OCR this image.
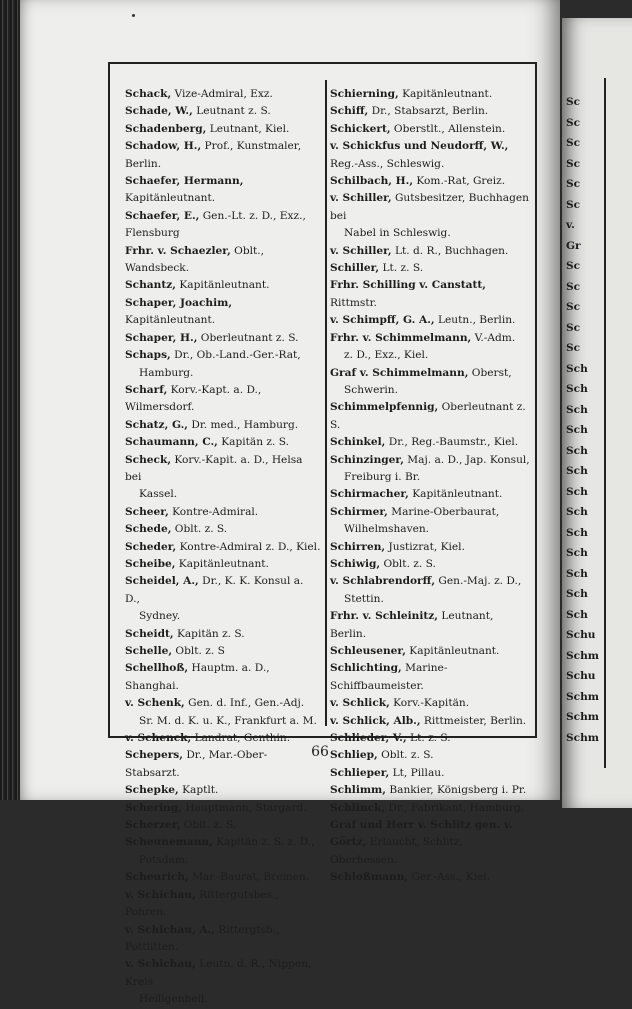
Sc
Sc
Sc
Sc
Sc
Sc
v.
Gr
Sc
Sc
Sc
Sc
Sc
Sch
Sch
Sch
Sch
Sch
Sch
Sch
Sch
Sch
Sch
Sch
Sch
Sch
Schu
Schm
Schu
Schm
Schm
Schm
Schack, Vize-Admiral, Exz.
Schade, W., Leutnant z. S.
Schadenberg, Leutnant, Kiel.
Schadow, H., Prof., Kunstmaler, Berlin.
Schaefer, Hermann, Kapitänleutnant.
Schaefer, E., Gen.-Lt. z. D., Exz., Flensburg
Frhr. v. Schaezler, Oblt., Wandsbeck.
Schantz, Kapitänleutnant.
Schaper, Joachim, Kapitänleutnant.
Schaper, H., Oberleutnant z. S.
Schaps, Dr., Ob.-Land.-Ger.-Rat,
Hamburg.
Scharf, Korv.-Kapt. a. D., Wilmersdorf.
Schatz, G., Dr. med., Hamburg.
Schaumann, C., Kapitän z. S.
Scheck, Korv.-Kapit. a. D., Helsa bei
Kassel.
Scheer, Kontre-Admiral.
Schede, Oblt. z. S.
Scheder, Kontre-Admiral z. D., Kiel.
Scheibe, Kapitänleutnant.
Scheidel, A., Dr., K. K. Konsul a. D.,
Sydney.
Scheidt, Kapitän z. S.
Schelle, Oblt. z. S
Schellhoß, Hauptm. a. D., Shanghai.
v. Schenk, Gen. d. Inf., Gen.-Adj.
Sr. M. d. K. u. K., Frankfurt a. M.
v. Schenck, Landrat, Genthin.
Schepers, Dr., Mar.-Ober-Stabsarzt.
Schepke, Kaptlt.
Schering, Hauptmann, Stargard.
Scherzer, Oblt. z. S.
Scheunemann, Kapitän z. S. z. D.,
Potsdam.
Scheurich, Mar.-Baurat, Bremen.
v. Schichau, Rittergutsbes., Pohren.
v. Schichau, A., Rittergtsb., Pottlitten.
v. Schichau, Leutn. d. R., Nippen, Kreis
Heiligenbeil.
Schierning, Kapitänleutnant.
Schiff, Dr., Stabsarzt, Berlin.
Schickert, Oberstlt., Allenstein.
v. Schickfus und Neudorff, W., Reg.-Ass., Schleswig.
Schilbach, H., Kom.-Rat, Greiz.
v. Schiller, Gutsbesitzer, Buchhagen bei
Nabel in Schleswig.
v. Schiller, Lt. d. R., Buchhagen.
Schiller, Lt. z. S.
Frhr. Schilling v. Canstatt, Rittmstr.
v. Schimpff, G. A., Leutn., Berlin.
Frhr. v. Schimmelmann, V.-Adm.
z. D., Exz., Kiel.
Graf v. Schimmelmann, Oberst,
Schwerin.
Schimmelpfennig, Oberleutnant z. S.
Schinkel, Dr., Reg.-Baumstr., Kiel.
Schinzinger, Maj. a. D., Jap. Konsul,
Freiburg i. Br.
Schirmacher, Kapitänleutnant.
Schirmer, Marine-Oberbaurat,
Wilhelmshaven.
Schirren, Justizrat, Kiel.
Schiwig, Oblt. z. S.
v. Schlabrendorff, Gen.-Maj. z. D.,
Stettin.
Frhr. v. Schleinitz, Leutnant, Berlin.
Schleusener, Kapitänleutnant.
Schlichting, Marine-Schiffbaumeister.
v. Schlick, Korv.-Kapitän.
v. Schlick, Alb., Rittmeister, Berlin.
Schlieder, V., Lt. z. S.
Schliep, Oblt. z. S.
Schlieper, Lt, Pillau.
Schlimm, Bankier, Königsberg i. Pr.
Schlinck, Dr., Fabrikant, Hamburg.
Graf und Herr v. Schlitz gen. v. Görtz, Erlaucht, Schlitz, Oberhessen.
Schloßmann, Ger.-Ass., Kiel.
66
